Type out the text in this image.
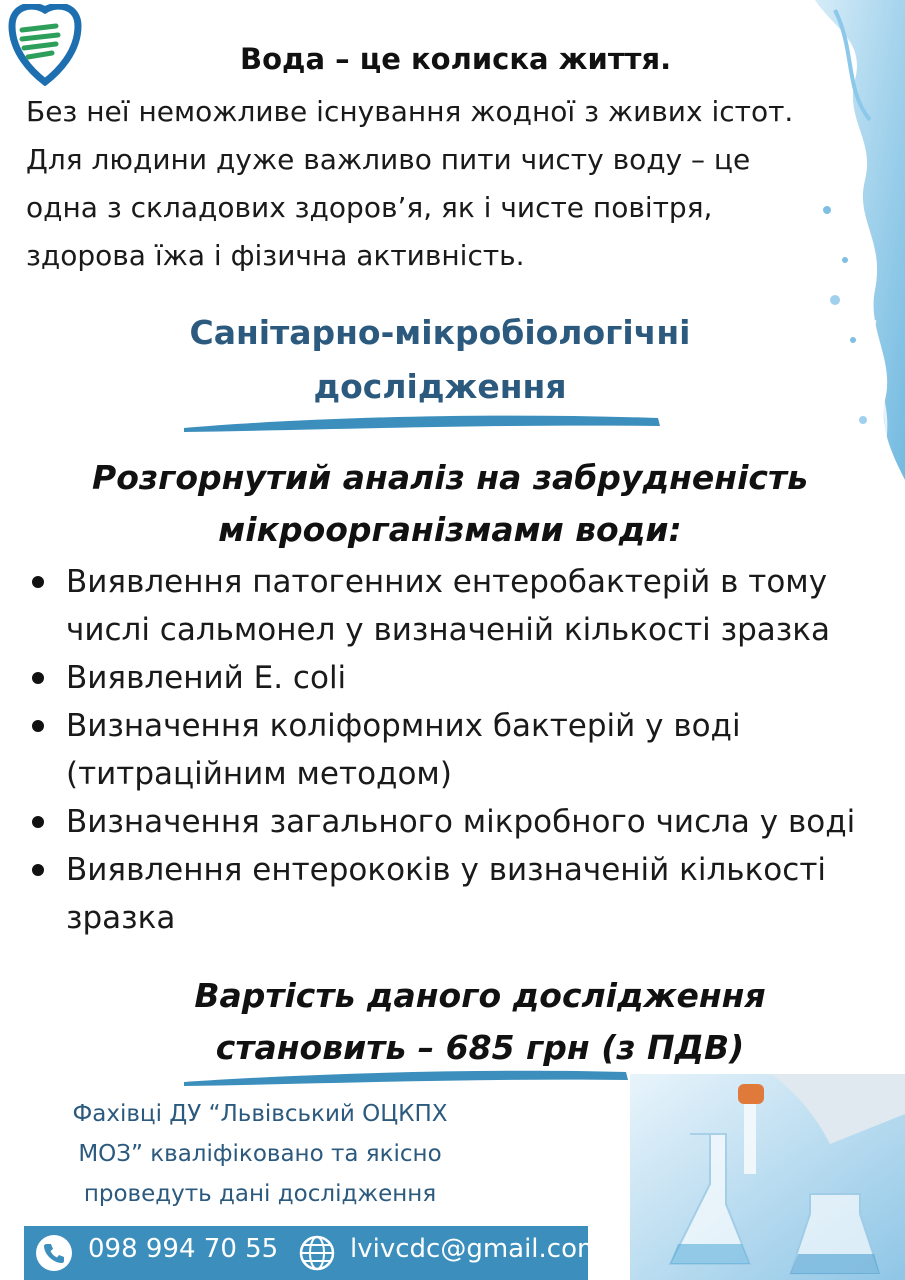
Вода – це колиска життя.
Без неї неможливе існування жодної з живих істот. Для людини дуже важливо пити чисту воду – це одна з складових здоров’я, як і чисте повітря, здорова їжа і фізична активність.
Санітарно-мікробіологічні
дослідження
Розгорнутий аналіз на забрудненість
мікроорганізмами води:
Виявлення патогенних ентеробактерій в тому числі сальмонел у визначеній кількості зразка
Виявлений E. coli
Визначення коліформних бактерій у воді (титраційним методом)
Визначення загального мікробного числа у воді
Виявлення ентерококів у визначеній кількості зразка
Вартість даного дослідження
становить – 685 грн (з ПДВ)
Фахівці ДУ “Львівський ОЦКПХ
МОЗ” кваліфіковано та якісно
проведуть дані дослідження
098 994 70 55	lvivcdc@gmail.com
